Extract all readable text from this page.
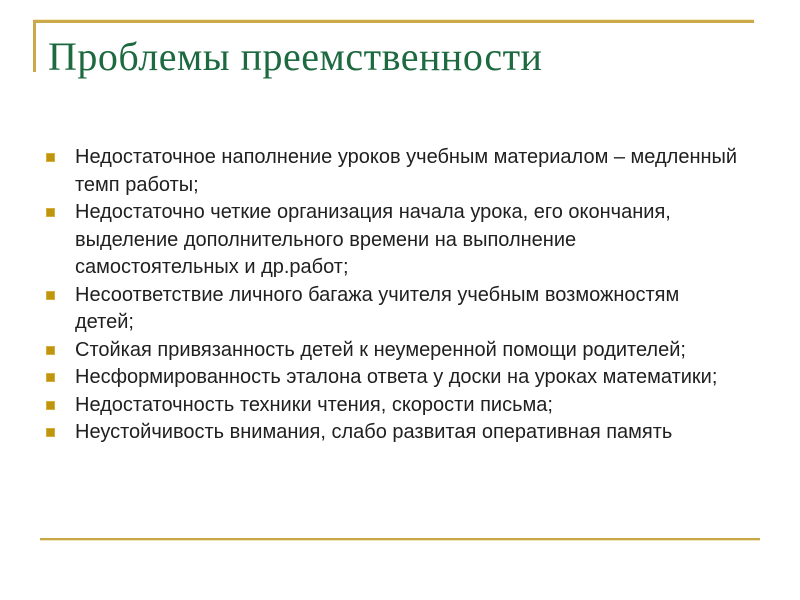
Проблемы преемственности
Недостаточное наполнение уроков учебным материалом – медленный темп работы;
Недостаточно четкие организация начала урока, его окончания, выделение дополнительного времени на выполнение самостоятельных и др.работ;
Несоответствие личного багажа учителя учебным возможностям детей;
Стойкая привязанность детей к неумеренной помощи родителей;
Несформированность эталона ответа у доски на уроках математики;
Недостаточность техники чтения, скорости письма;
Неустойчивость внимания, слабо развитая оперативная память
